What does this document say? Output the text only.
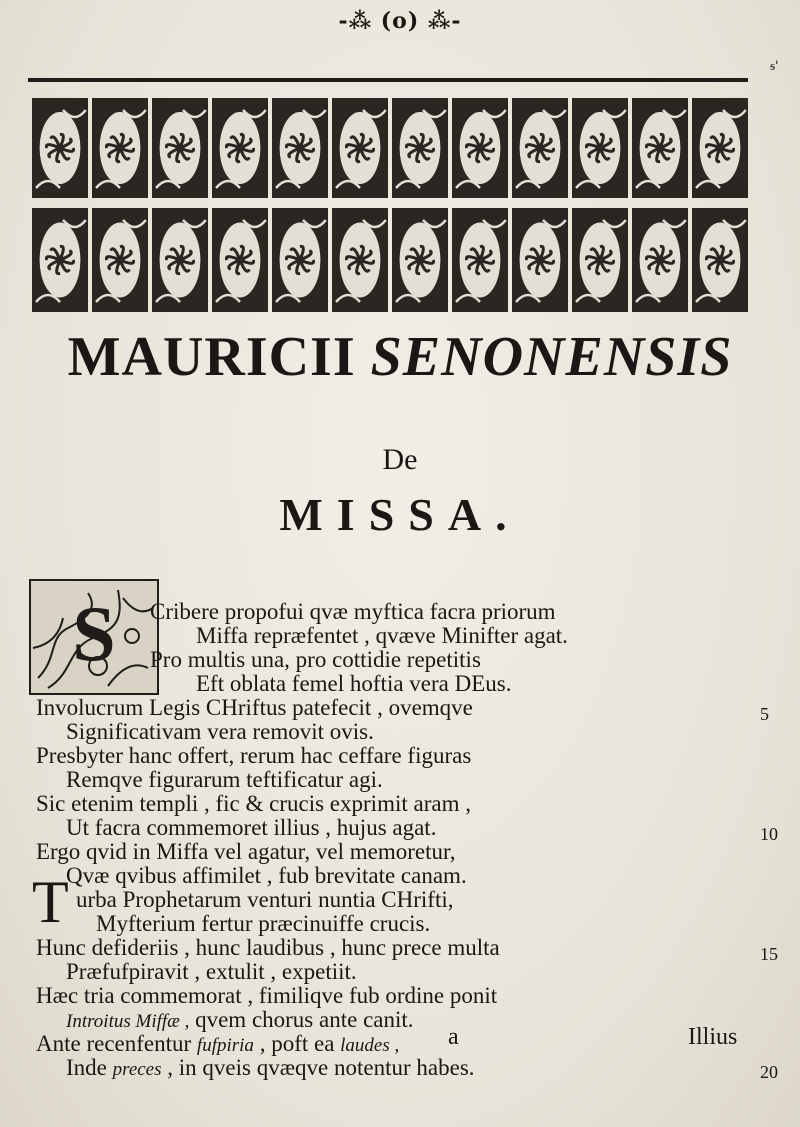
-⁂ (o) ⁂-
ᵴ'
MAURICII SENONENSIS
De
MISSA.
S
T
Cribere propofui qvæ myftica facra priorum
Miffa repræfentet , qvæve Minifter agat.
Pro multis una, pro cottidie repetitis
Eft oblata femel hoftia vera DEus.
Involucrum Legis CHriftus patefecit , ovemqve
Significativam vera removit ovis.
Presbyter hanc offert, rerum hac ceffare figuras
Remqve figurarum teftificatur agi.
Sic etenim templi , fic & crucis exprimit aram ,
Ut facra commemoret illius , hujus agat.
Ergo qvid in Miffa vel agatur, vel memoretur,
Qvæ qvibus affimilet , fub brevitate canam.
urba Prophetarum venturi nuntia CHrifti,
Myfterium fertur præcinuiffe crucis.
Hunc defideriis , hunc laudibus , hunc prece multa
Præfufpiravit , extulit , expetiit.
Hæc tria commemorat , fimiliqve fub ordine ponit
Introitus Miffæ , qvem chorus ante canit.
Ante recenfentur fufpiria , poft ea laudes ,
Inde preces , in qveis qvæqve notentur habes.
5
10
15
20
a	Illius
